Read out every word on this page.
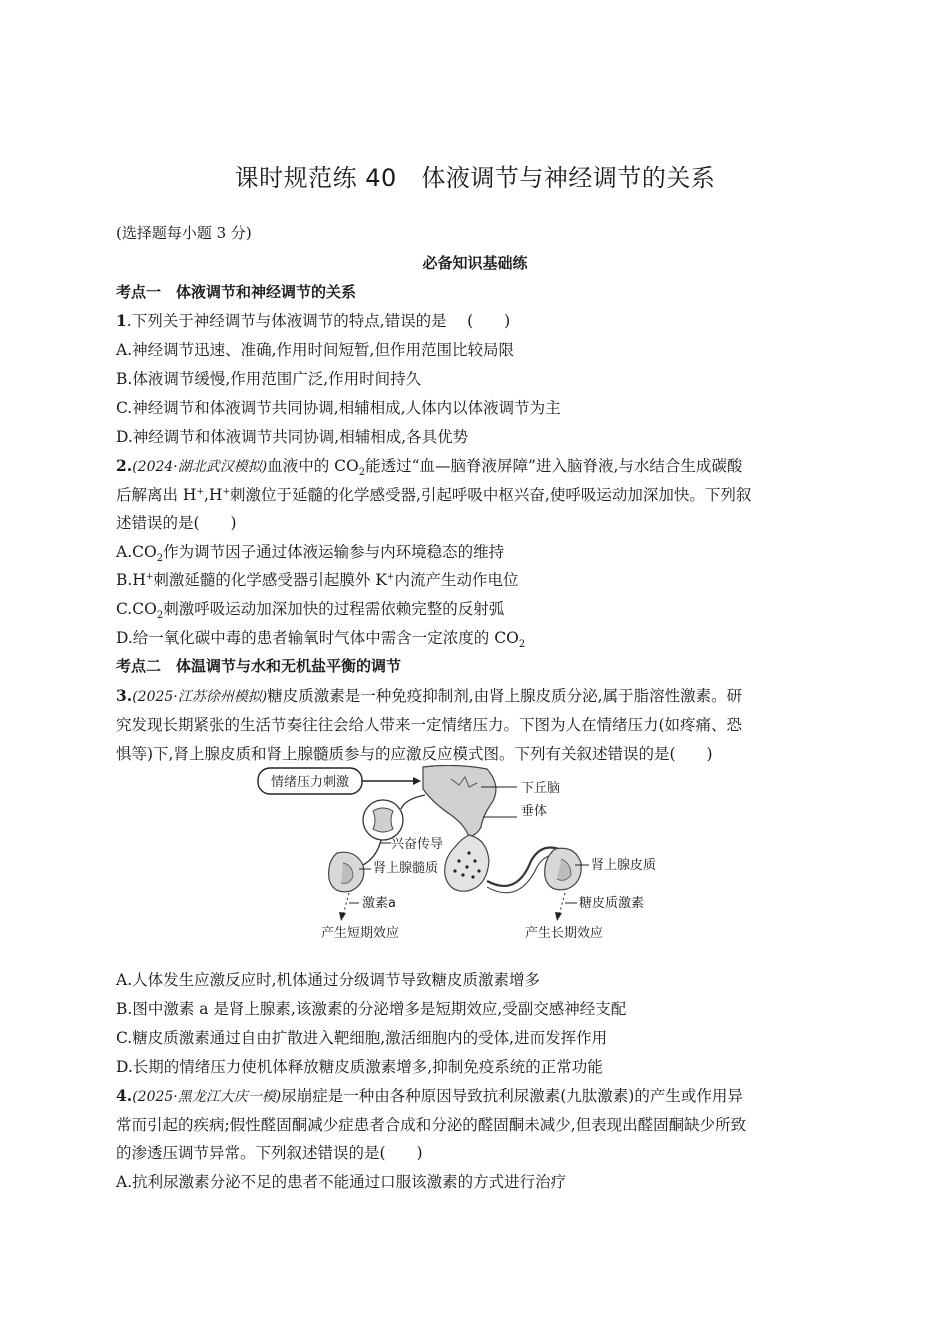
课时规范练 40　体液调节与神经调节的关系
(选择题每小题 3 分)
必备知识基础练
考点一　体液调节和神经调节的关系
1.下列关于神经调节与体液调节的特点,错误的是　 (　　)
A.神经调节迅速、准确,作用时间短暂,但作用范围比较局限
B.体液调节缓慢,作用范围广泛,作用时间持久
C.神经调节和体液调节共同协调,相辅相成,人体内以体液调节为主
D.神经调节和体液调节共同协调,相辅相成,各具优势
2.(2024·湖北武汉模拟)血液中的 $CO_2$能透过“血—脑脊液屏障”进入脑脊液,与水结合生成碳酸
后解离出 H+,H+刺激位于延髓的化学感受器,引起呼吸中枢兴奋,使呼吸运动加深加快。下列叙
述错误的是(　　)
$A.CO_2$作为调节因子通过体液运输参与内环境稳态的维持
B.H+刺激延髓的化学感受器引起膜外 K+内流产生动作电位
$C.CO_2$刺激呼吸运动加深加快的过程需依赖完整的反射弧
D.给一氧化碳中毒的患者输氧时气体中需含一定浓度的 $CO_2$
考点二　体温调节与水和无机盐平衡的调节
3.(2025·江苏徐州模拟)糖皮质激素是一种免疫抑制剂,由肾上腺皮质分泌,属于脂溶性激素。研
究发现长期紧张的生活节奏往往会给人带来一定情绪压力。下图为人在情绪压力(如疼痛、恐
惧等)下,肾上腺皮质和肾上腺髓质参与的应激反应模式图。下列有关叙述错误的是(　　)
情绪压力刺激	下丘脑
垂体
兴奋传导
肾上腺髓质
激素a
产生短期效应
肾上腺皮质
糖皮质激素
产生长期效应
A.人体发生应激反应时,机体通过分级调节导致糖皮质激素增多
B.图中激素 a 是肾上腺素,该激素的分泌增多是短期效应,受副交感神经支配
C.糖皮质激素通过自由扩散进入靶细胞,激活细胞内的受体,进而发挥作用
D.长期的情绪压力使机体释放糖皮质激素增多,抑制免疫系统的正常功能
4.(2025·黑龙江大庆一模)尿崩症是一种由各种原因导致抗利尿激素(九肽激素)的产生或作用异
常而引起的疾病;假性醛固酮减少症患者合成和分泌的醛固酮未减少,但表现出醛固酮缺少所致
的渗透压调节异常。下列叙述错误的是(　　)
A.抗利尿激素分泌不足的患者不能通过口服该激素的方式进行治疗
